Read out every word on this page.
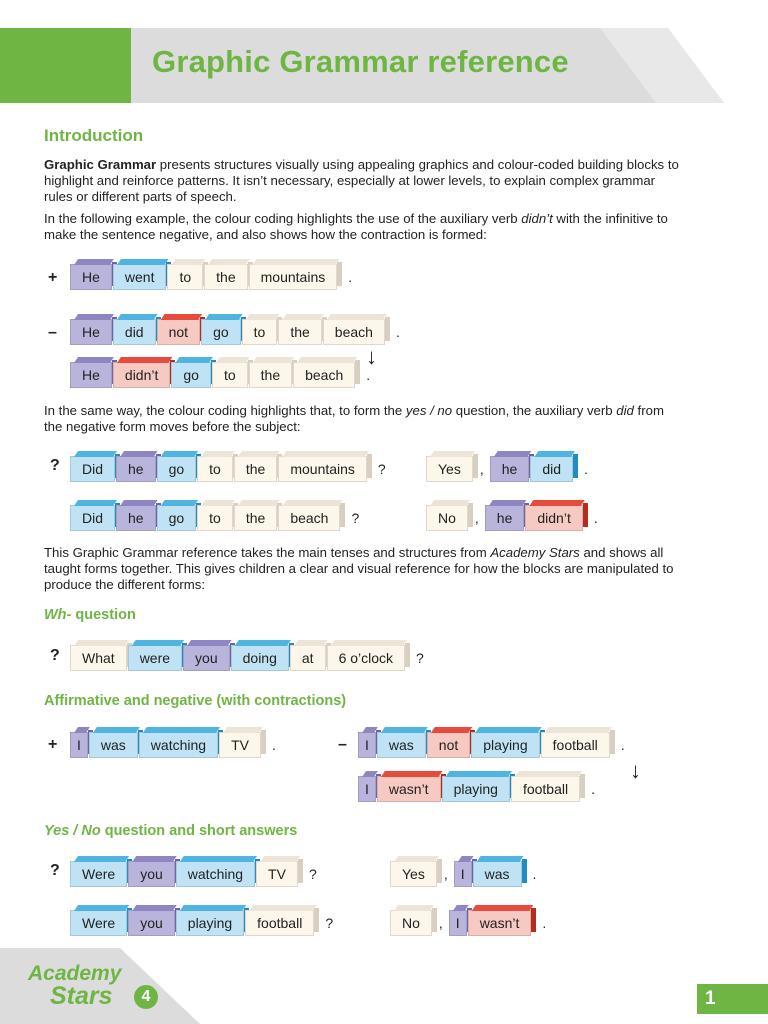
Graphic Grammar reference
Introduction

Graphic Grammar presents structures visually using appealing graphics and colour-coded building blocks to highlight and reinforce patterns. It isn’t necessary, especially at lower levels, to explain complex grammar rules or different parts of speech.

In the following example, the colour coding highlights the use of the auxiliary verb didn’t with the infinitive to make the sentence negative, and also shows how the contraction is formed:

+	He	went	to	the	mountains	.
–	He	did	not	go	to	the	beach	.
↓
He	didn’t	go	to	the	beach	.

In the same way, the colour coding highlights that, to form the yes / no question, the auxiliary verb did from the negative form moves before the subject:

?	Did	he	go	to	the	mountains	?	Yes	,	he	did	.
Did	he	go	to	the	beach	?	No	,	he	didn’t	.

This Graphic Grammar reference takes the main tenses and structures from Academy Stars and shows all taught forms together. This gives children a clear and visual reference for how the blocks are manipulated to produce the different forms:

Wh- question
?	What	were	you	doing	at	6 o’clock	?
Affirmative and negative (with contractions)
+	I	was	watching	TV	.	–	I	was	not	playing	football	.
↓
I	wasn’t	playing	football	.
Yes / No question and short answers
?	Were	you	watching	TV	?	Yes	, I	was	.
Were	you	playing	football	?	No	, I	wasn’t	.
Academy
Stars	4	1
